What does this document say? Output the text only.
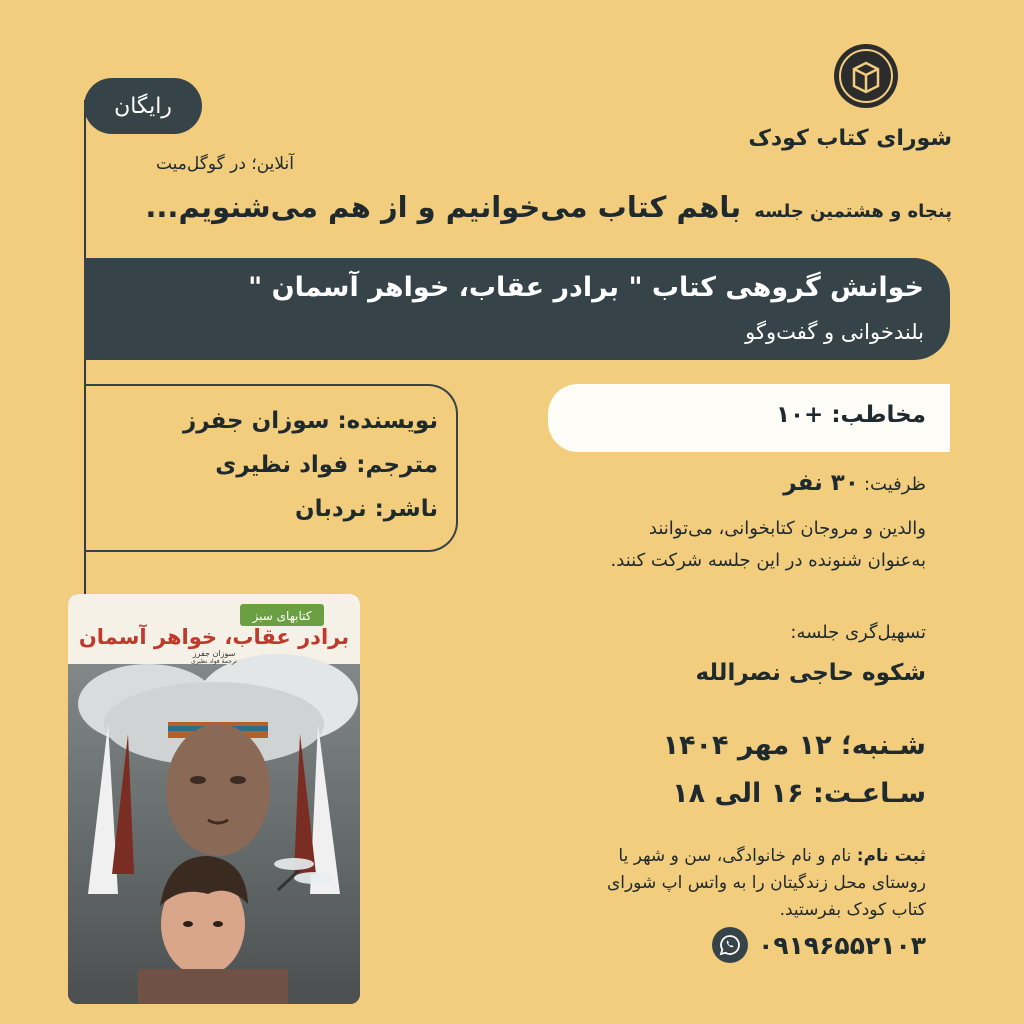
شورای کتاب کودک
رایگان
آنلاین؛ در گوگل‌میت
پنجاه و هشتمین جلسه باهم کتاب می‌خوانیم و از هم می‌شنویم...
خوانش گروهی کتاب " برادر عقاب، خواهر آسمان "
بلندخوانی و گفت‌وگو
نویسنده: سوزان جفرز
مترجم: فواد نظیری
ناشر: نردبان
مخاطب: +۱۰
ظرفیت: ۳۰ نفر
والدین و مروجان کتابخوانی، می‌توانند
به‌عنوان شنونده در این جلسه شرکت کنند.
تسهیل‌گری جلسه:
شکوه حاجی نصرالله
شـنبه؛ ۱۲ مهر ۱۴۰۴
سـاعـت: ۱۶ الی ۱۸
ثبت نام: نام و نام خانوادگی، سن و شهر یا
روستای محل زندگیتان را به واتس اپ شورای
کتاب کودک بفرستید.
۰۹۱۹۶۵۵۲۱۰۳
کتابهای سبز
برادر عقاب، خواهر آسمان
سوزان جفرز
ترجمهٔ فواد نظیری
